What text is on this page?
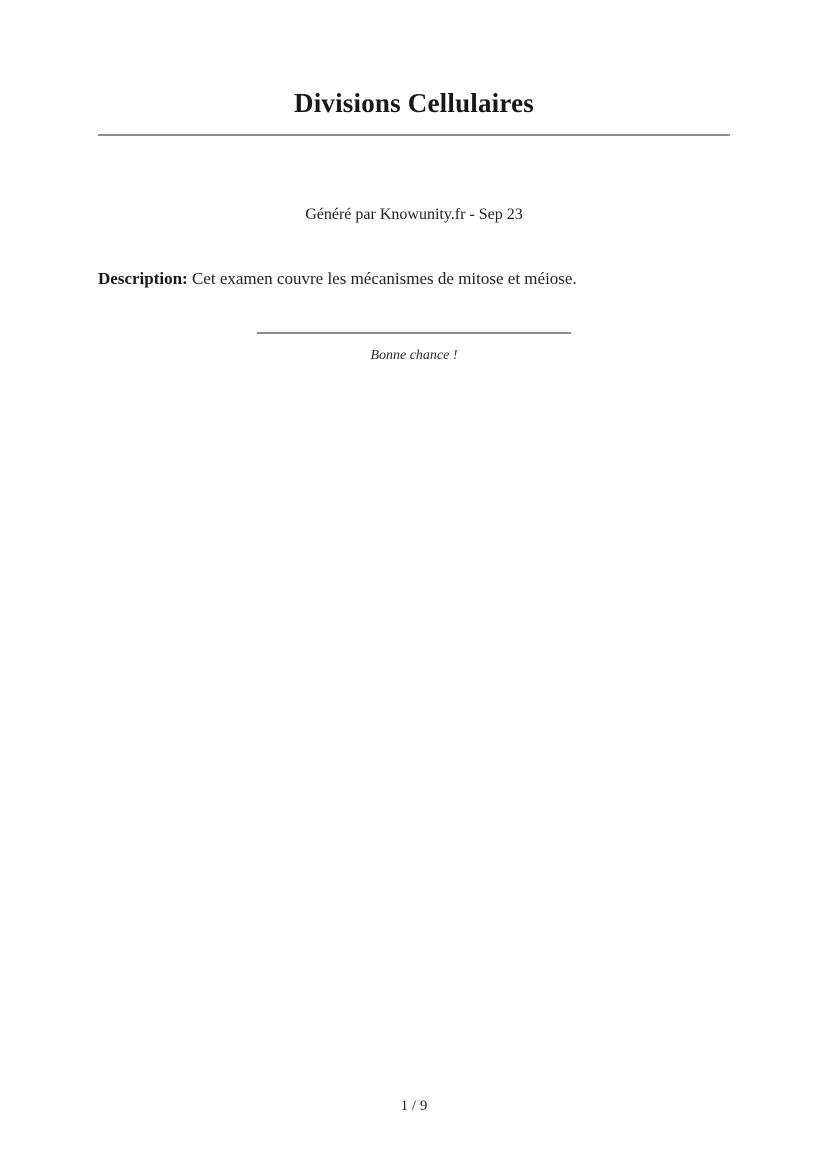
Divisions Cellulaires
Généré par Knowunity.fr - Sep 23

Description: Cet examen couvre les mécanismes de mitose et méiose.

Bonne chance !
1 / 9
